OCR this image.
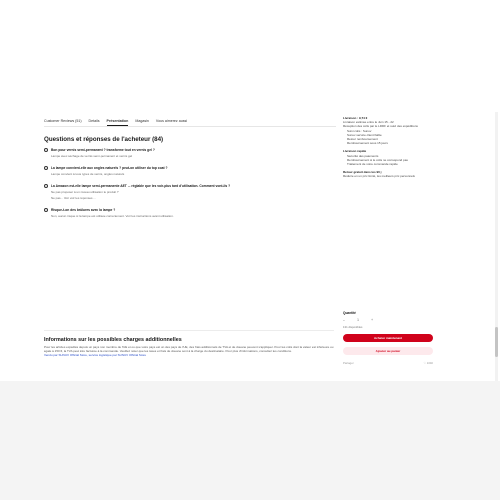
Customer Reviews (51) Details Présentation Magasin Vous aimerez aussi
Questions et réponses de l'acheteur (84)
Bon pour vernis semi-permanent ? transforme tout en vernis gel ?
Lampe avec séchage de vernis semi-permanent et vernis gel
La lampe convient-elle aux ongles naturels ? peut-on utiliser du top coat ?
Lampe convient à tous types de vernis, ongles naturels
La Amazon est-elle lampe semi-permanente AET ... réglable que les voir-plus tard d'utilisation. Comment vont-ils ?
Ne pas proposer à un niveau utilisation le produit ?
Ne pas... Voir voir les réponses ...
Risque-t-on des brûlures avec la lampe ?
Non, aucun risque si la lampe est utilisée correctement. Voir les instructions avant utilisation.
Informations sur les possibles charges additionnelles
Pour les articles expédiés depuis un pays non membre de l'UE et ou que votre pays est un des pays de l'UE, des frais additionnels de TVA et de douane peuvent s'appliquer. Pour les colis dont la valeur est inférieure ou égale à 150 €, la TVA peut être facturée à la commande. Veuillez noter que les taxes et frais de douane sont à la charge du destinataire. Pour plus d'informations, consultez les conditions.
Vendu par SUNUV Official Store, service logistique par SUNUV Official Store
Livraison : 9,74 €
Livraison estimée entre le Juin 15 - 22
Réception des colis par le LDDF et suivi des expéditions
Suivi colis : Sunuv
Sunuv service client fiable
Retour remboursement
Remboursement sous 15 jours
Livraison rapide
Sécurité des paiements
Remboursement si le colis ne correspond pas
Traitement de votre commande rapide
Retour gratuit dans les 90 j
Réduire en un prix limité, les meilleurs prix personnels
Quantité
–	1	+
131 disponibles
Acheter maintenant
Ajouter au panier
Partager	♡ 1040
